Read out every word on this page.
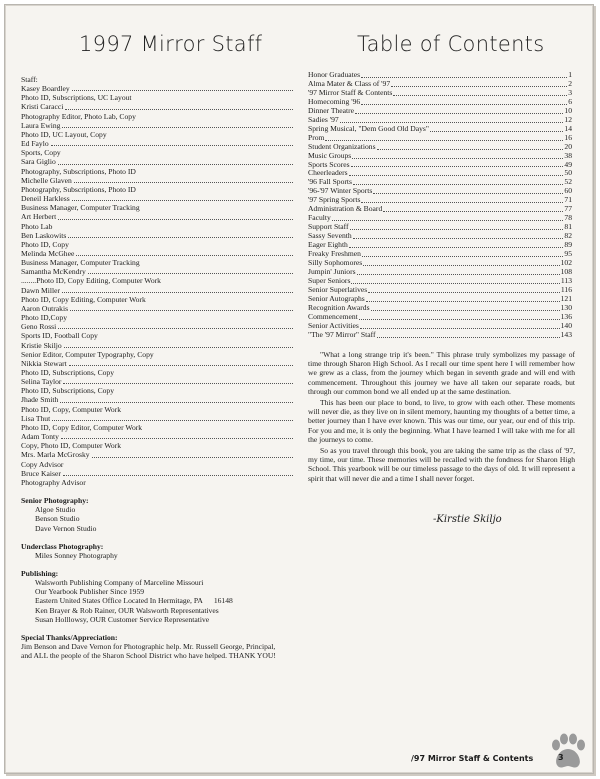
1997 Mirror Staff	Table of Contents
Staff:
Kasey Boardley
Photo ID, Subscriptions, UC Layout
Kristi Caracci
Photography Editor, Photo Lab, Copy
Laura Ewing
Photo ID, UC Layout, Copy
Ed Faylo
Sports, Copy
Sara Giglio
Photography, Subscriptions, Photo ID
Michelle Glaven
Photography, Subscriptions, Photo ID
Deneil Harkless
Business Manager, Computer Tracking
Art Herbert
Photo Lab
Ben Laskowits
Photo ID, Copy
Melinda McGhee
Business Manager, Computer Tracking
Samantha McKendry
........Photo ID, Copy Editing, Computer Work
Dawn Miller
Photo ID, Copy Editing, Computer Work
Aaron Outrakis
Photo ID,Copy
Geno Rossi
Sports ID, Football Copy
Kristie Skiljo
Senior Editor, Computer Typography, Copy
Nikkia Stewart
Photo ID, Subscriptions, Copy
Selina Taylor
Photo ID, Subscriptions, Copy
Jhade Smith
Photo ID, Copy, Computer Work
Lisa Thut
Photo ID, Copy Editor, Computer Work
Adam Tonty
Copy, Photo ID, Computer Work
Mrs. Marla McGrosky
Copy Advisor
Bruce Kaiser
Photography Advisor
Senior Photography:
Algoe Studio
Benson Studio
Dave Vernon Studio
Underclass Photography:
Miles Sonney Photography
Publishing:
Walsworth Publishing Company of Marceline Missouri
Our Yearbook Publisher Since 1959
Eastern United States Office Located In Hermitage, PA      16148
Ken Brayer & Rob Rainer, OUR Walsworth Representatives
Susan Holllowsy, OUR Customer Service Representative
Special Thanks/Appreciation:
Jim Benson and Dave Vernon for Photographic help. Mr. Russell George, Principal, and ALL the people of the Sharon School District who have helped. THANK YOU!
Honor Graduates	1
Alma Mater & Class of '97	2
'97 Mirror Staff & Contents	3
Homecoming '96	6
Dinner Theatre	10
Sadies '97	12
Spring Musical, "Dem Good Old Days"	14
Prom	16
Student Organizations	20
Music Groups	38
Sports Scores	49
Cheerleaders	50
'96 Fall Sports	52
'96-'97 Winter Sports	60
'97 Spring Sports	71
Administration & Board	77
Faculty	78
Support Staff	81
Sassy Seventh	82
Eager Eighth	89
Freaky Freshmen	95
Silly Sophomores	102
Jumpin' Juniors	108
Super Seniors	113
Senior Superlatives	116
Senior Autographs	121
Recognition Awards	130
Commencement	136
Senior Activities	140
"The '97 Mirror" Staff	143

"What a long strange trip it's been." This phrase truly symbolizes my passage of time through Sharon High School. As I recall our time spent here I will remember how we grew as a class, from the journey which began in seventh grade and will end with commencement. Throughout this journey we have all taken our separate roads, but through our common bond we all ended up at the same destination.

This has been our place to bond, to live, to grow with each other. These moments will never die, as they live on in silent memory, haunting my thoughts of a better time, a better journey than I have ever known. This was our time, our year, our end of this trip. For you and me, it is only the beginning. What I have learned I will take with me for all the journeys to come.

So as you travel through this book, you are taking the same trip as the class of '97, my time, our time. These memories will be recalled with the fondness for Sharon High School. This yearbook will be our timeless passage to the days of old. It will represent a spirit that will never die and a time I shall never forget.

-Kirstie Skiljo
/97 Mirror Staff & Contents	3
